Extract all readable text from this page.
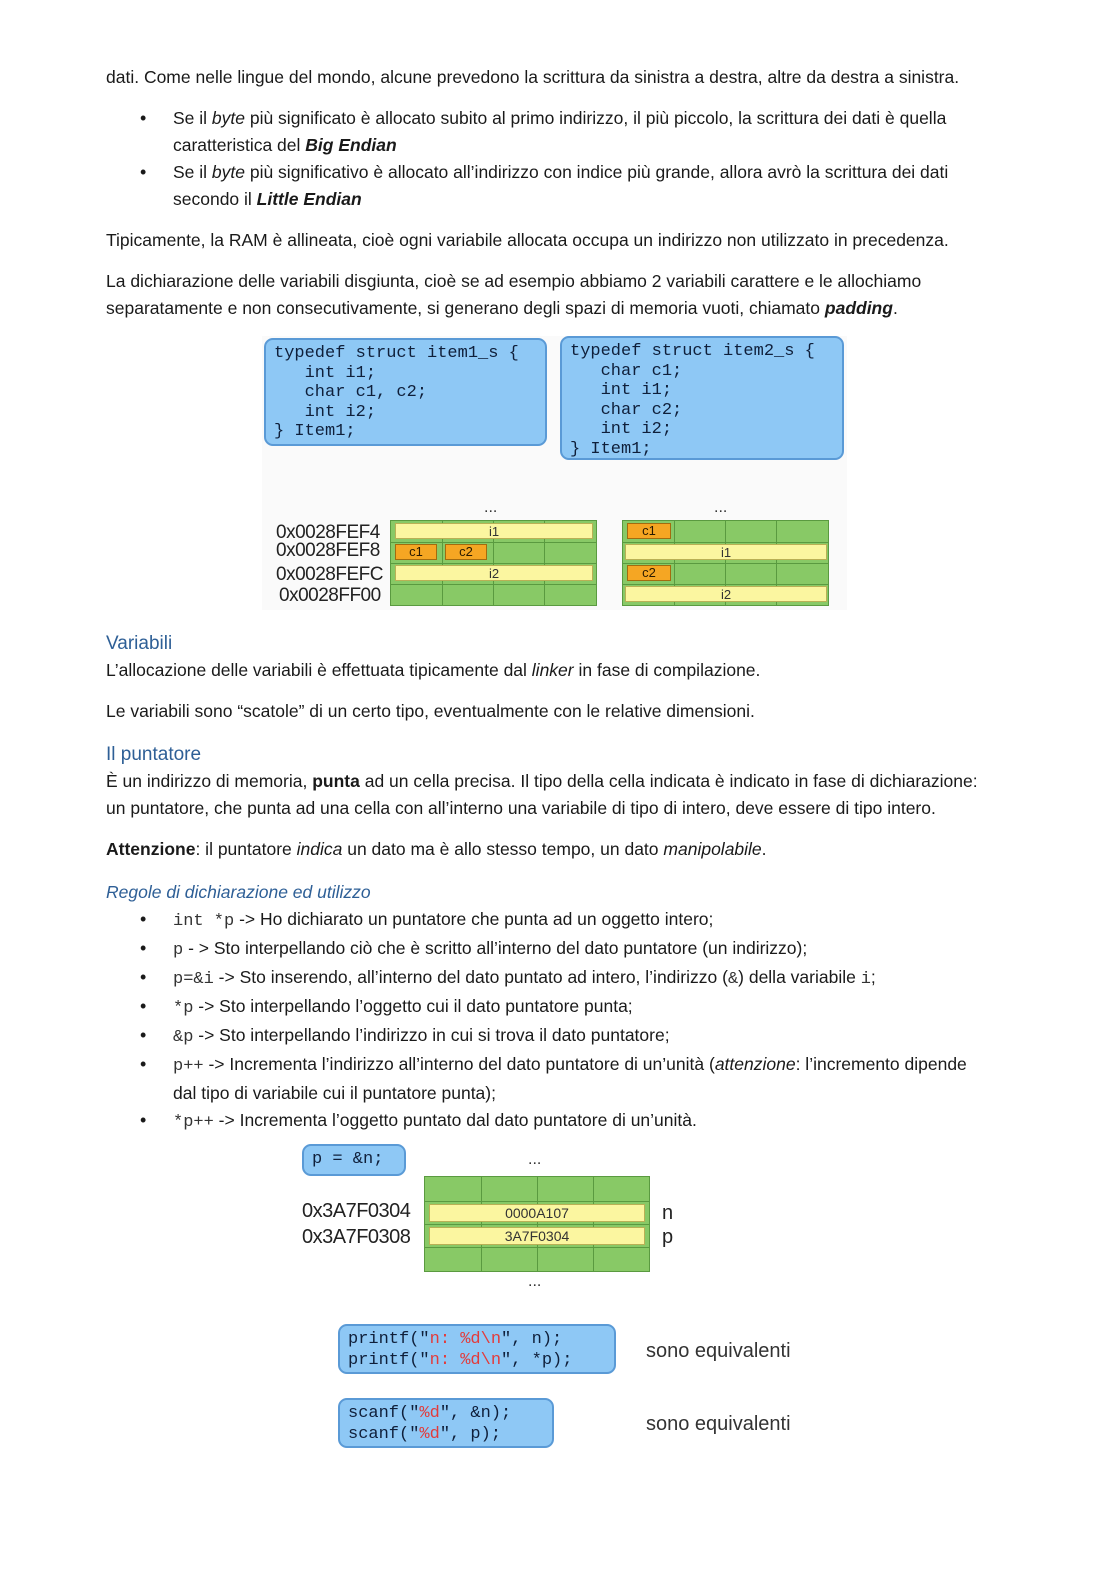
dati. Come nelle lingue del mondo, alcune prevedono la scrittura da sinistra a destra, altre da destra a sinistra.

• Se il byte più significato è allocato subito al primo indirizzo, il più piccolo, la scrittura dei dati è quella caratteristica del Big Endian
• Se il byte più significativo è allocato all’indirizzo con indice più grande, allora avrò la scrittura dei dati secondo il Little Endian

Tipicamente, la RAM è allineata, cioè ogni variabile allocata occupa un indirizzo non utilizzato in precedenza.

La dichiarazione delle variabili disgiunta, cioè se ad esempio abbiamo 2 variabili carattere e le allochiamo separatamente e non consecutivamente, si generano degli spazi di memoria vuoti, chiamato padding.

typedef struct item1_s {
int i1;
char c1, c2;
int i2;
} Item1;
typedef struct item2_s {
char c1;
int i1;
char c2;
int i2;
} Item1;
...	...
0x0028FEF4
0x0028FEF8
0x0028FEFC
0x0028FF00
i1
c1	c2
i2
c1
i1
c2
i2
Variabili

L’allocazione delle variabili è effettuata tipicamente dal linker in fase di compilazione.

Le variabili sono “scatole” di un certo tipo, eventualmente con le relative dimensioni.

Il puntatore

È un indirizzo di memoria, punta ad un cella precisa. Il tipo della cella indicata è indicato in fase di dichiarazione: un puntatore, che punta ad una cella con all’interno una variabile di tipo di intero, deve essere di tipo intero.

Attenzione: il puntatore indica un dato ma è allo stesso tempo, un dato manipolabile.

Regole di dichiarazione ed utilizzo
• int *p -> Ho dichiarato un puntatore che punta ad un oggetto intero;
• p - > Sto interpellando ciò che è scritto all’interno del dato puntatore (un indirizzo);
• p=&i -> Sto inserendo, all’interno del dato puntato ad intero, l’indirizzo (&) della variabile i;
• *p -> Sto interpellando l’oggetto cui il dato puntatore punta;
• &p -> Sto interpellando l’indirizzo in cui si trova il dato puntatore;
• p++ -> Incrementa l’indirizzo all’interno del dato puntatore di un’unità (attenzione: l’incremento dipende dal tipo di variabile cui il puntatore punta);
• *p++ -> Incrementa l’oggetto puntato dal dato puntatore di un’unità.
p = &n;	...
0x3A7F0304
0x3A7F0308
0000A107
3A7F0304
n
p
...
printf("n: %d\n", n);
printf("n: %d\n", *p);	sono equivalenti
scanf("%d", &n);
scanf("%d", p);	sono equivalenti
